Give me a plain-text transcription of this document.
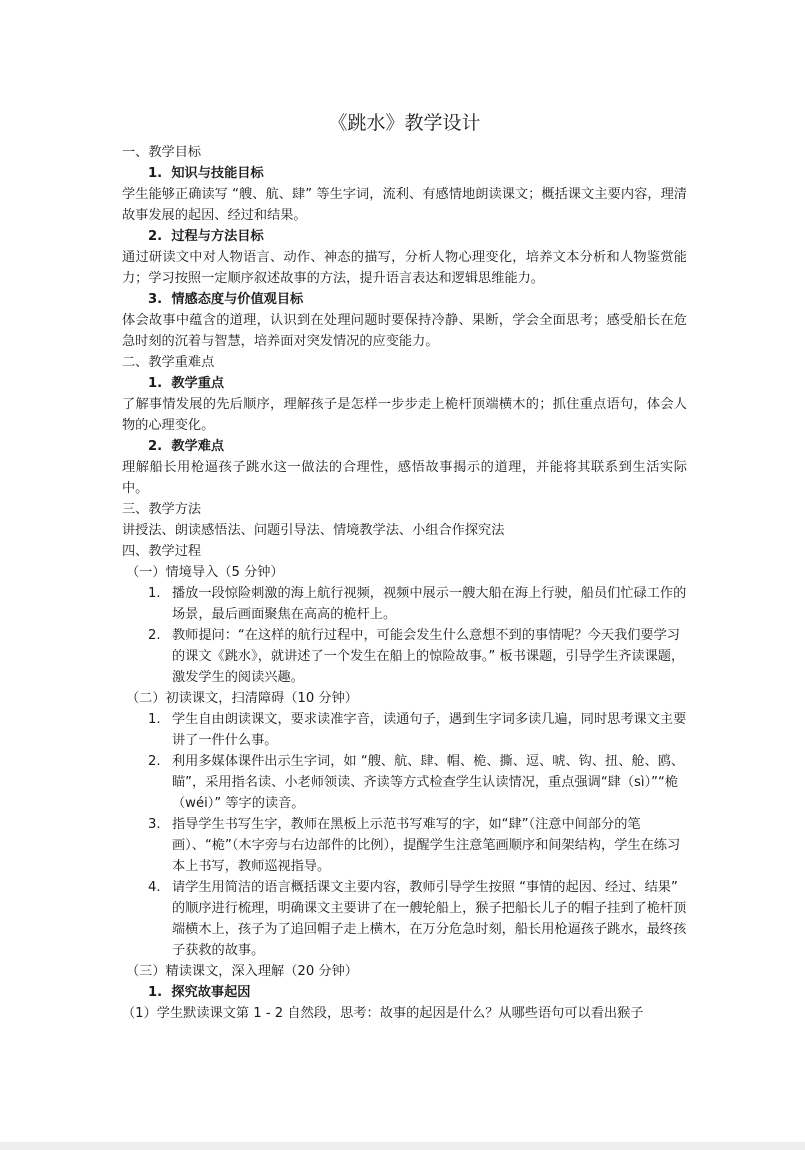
《跳水》教学设计

一、教学目标

1.  知识与技能目标

学生能够正确读写 “艘、航、肆” 等生字词，流利、有感情地朗读课文；概括课文主要内容，理清故事发展的起因、经过和结果。

2.  过程与方法目标

通过研读文中对人物语言、动作、神态的描写，分析人物心理变化，培养文本分析和人物鉴赏能力；学习按照一定顺序叙述故事的方法，提升语言表达和逻辑思维能力。

3.  情感态度与价值观目标

体会故事中蕴含的道理，认识到在处理问题时要保持冷静、果断，学会全面思考；感受船长在危急时刻的沉着与智慧，培养面对突发情况的应变能力。

二、教学重难点

1.  教学重点

了解事情发展的先后顺序，理解孩子是怎样一步步走上桅杆顶端横木的；抓住重点语句，体会人物的心理变化。

2.  教学难点

理解船长用枪逼孩子跳水这一做法的合理性，感悟故事揭示的道理，并能将其联系到生活实际中。

三、教学方法

讲授法、朗读感悟法、问题引导法、情境教学法、小组合作探究法

四、教学过程

（一）情境导入（5 分钟）

1. 播放一段惊险刺激的海上航行视频，视频中展示一艘大船在海上行驶，船员们忙碌工作的场景，最后画面聚焦在高高的桅杆上。
2. 教师提问：“在这样的航行过程中，可能会发生什么意想不到的事情呢？今天我们要学习的课文《跳水》，就讲述了一个发生在船上的惊险故事。” 板书课题，引导学生齐读课题，激发学生的阅读兴趣。

（二）初读课文，扫清障碍（10 分钟）

1. 学生自由朗读课文，要求读准字音，读通句子，遇到生字词多读几遍，同时思考课文主要讲了一件什么事。
2. 利用多媒体课件出示生字词，如 “艘、航、肆、帽、桅、撕、逗、唬、钩、扭、舱、鸥、瞄”，采用指名读、小老师领读、齐读等方式检查学生认读情况，重点强调“肆（sì）”“桅（wéi）” 等字的读音。
3. 指导学生书写生字，教师在黑板上示范书写难写的字，如“肆”（注意中间部分的笔画）、“桅”（木字旁与右边部件的比例），提醒学生注意笔画顺序和间架结构，学生在练习本上书写，教师巡视指导。
4. 请学生用简洁的语言概括课文主要内容，教师引导学生按照 “事情的起因、经过、结果” 的顺序进行梳理，明确课文主要讲了在一艘轮船上，猴子把船长儿子的帽子挂到了桅杆顶端横木上，孩子为了追回帽子走上横木，在万分危急时刻，船长用枪逼孩子跳水，最终孩子获救的故事。

（三）精读课文，深入理解（20 分钟）

1.  探究故事起因

（1）学生默读课文第 1 - 2 自然段，思考：故事的起因是什么？从哪些语句可以看出猴子
